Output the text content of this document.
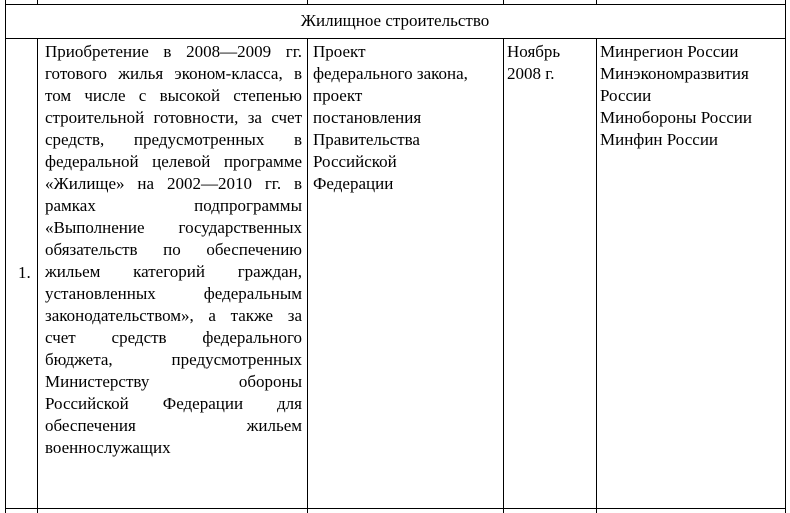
Жилищное строительство
1.
Приобретение в 2008—2009 гг. готового жилья эконом-класса, в том числе с высокой степенью строительной готовности, за счет средств, предусмотренных в федеральной целевой программе «Жилище» на 2002—2010 гг. в рамках подпрограммы «Выполнение государственных обязательств по обеспечению жильем категорий граждан, установленных федеральным законодательством», а также за счет средств федерального бюджета, предусмотренных Министерству обороны Российской Федерации для обеспечения жильем военнослужащих
Проект
федерального закона,
проект
постановления
Правительства
Российской
Федерации
Ноябрь
2008 г.
Минрегион России
Минэкономразвития
России
Минобороны России
Минфин России
